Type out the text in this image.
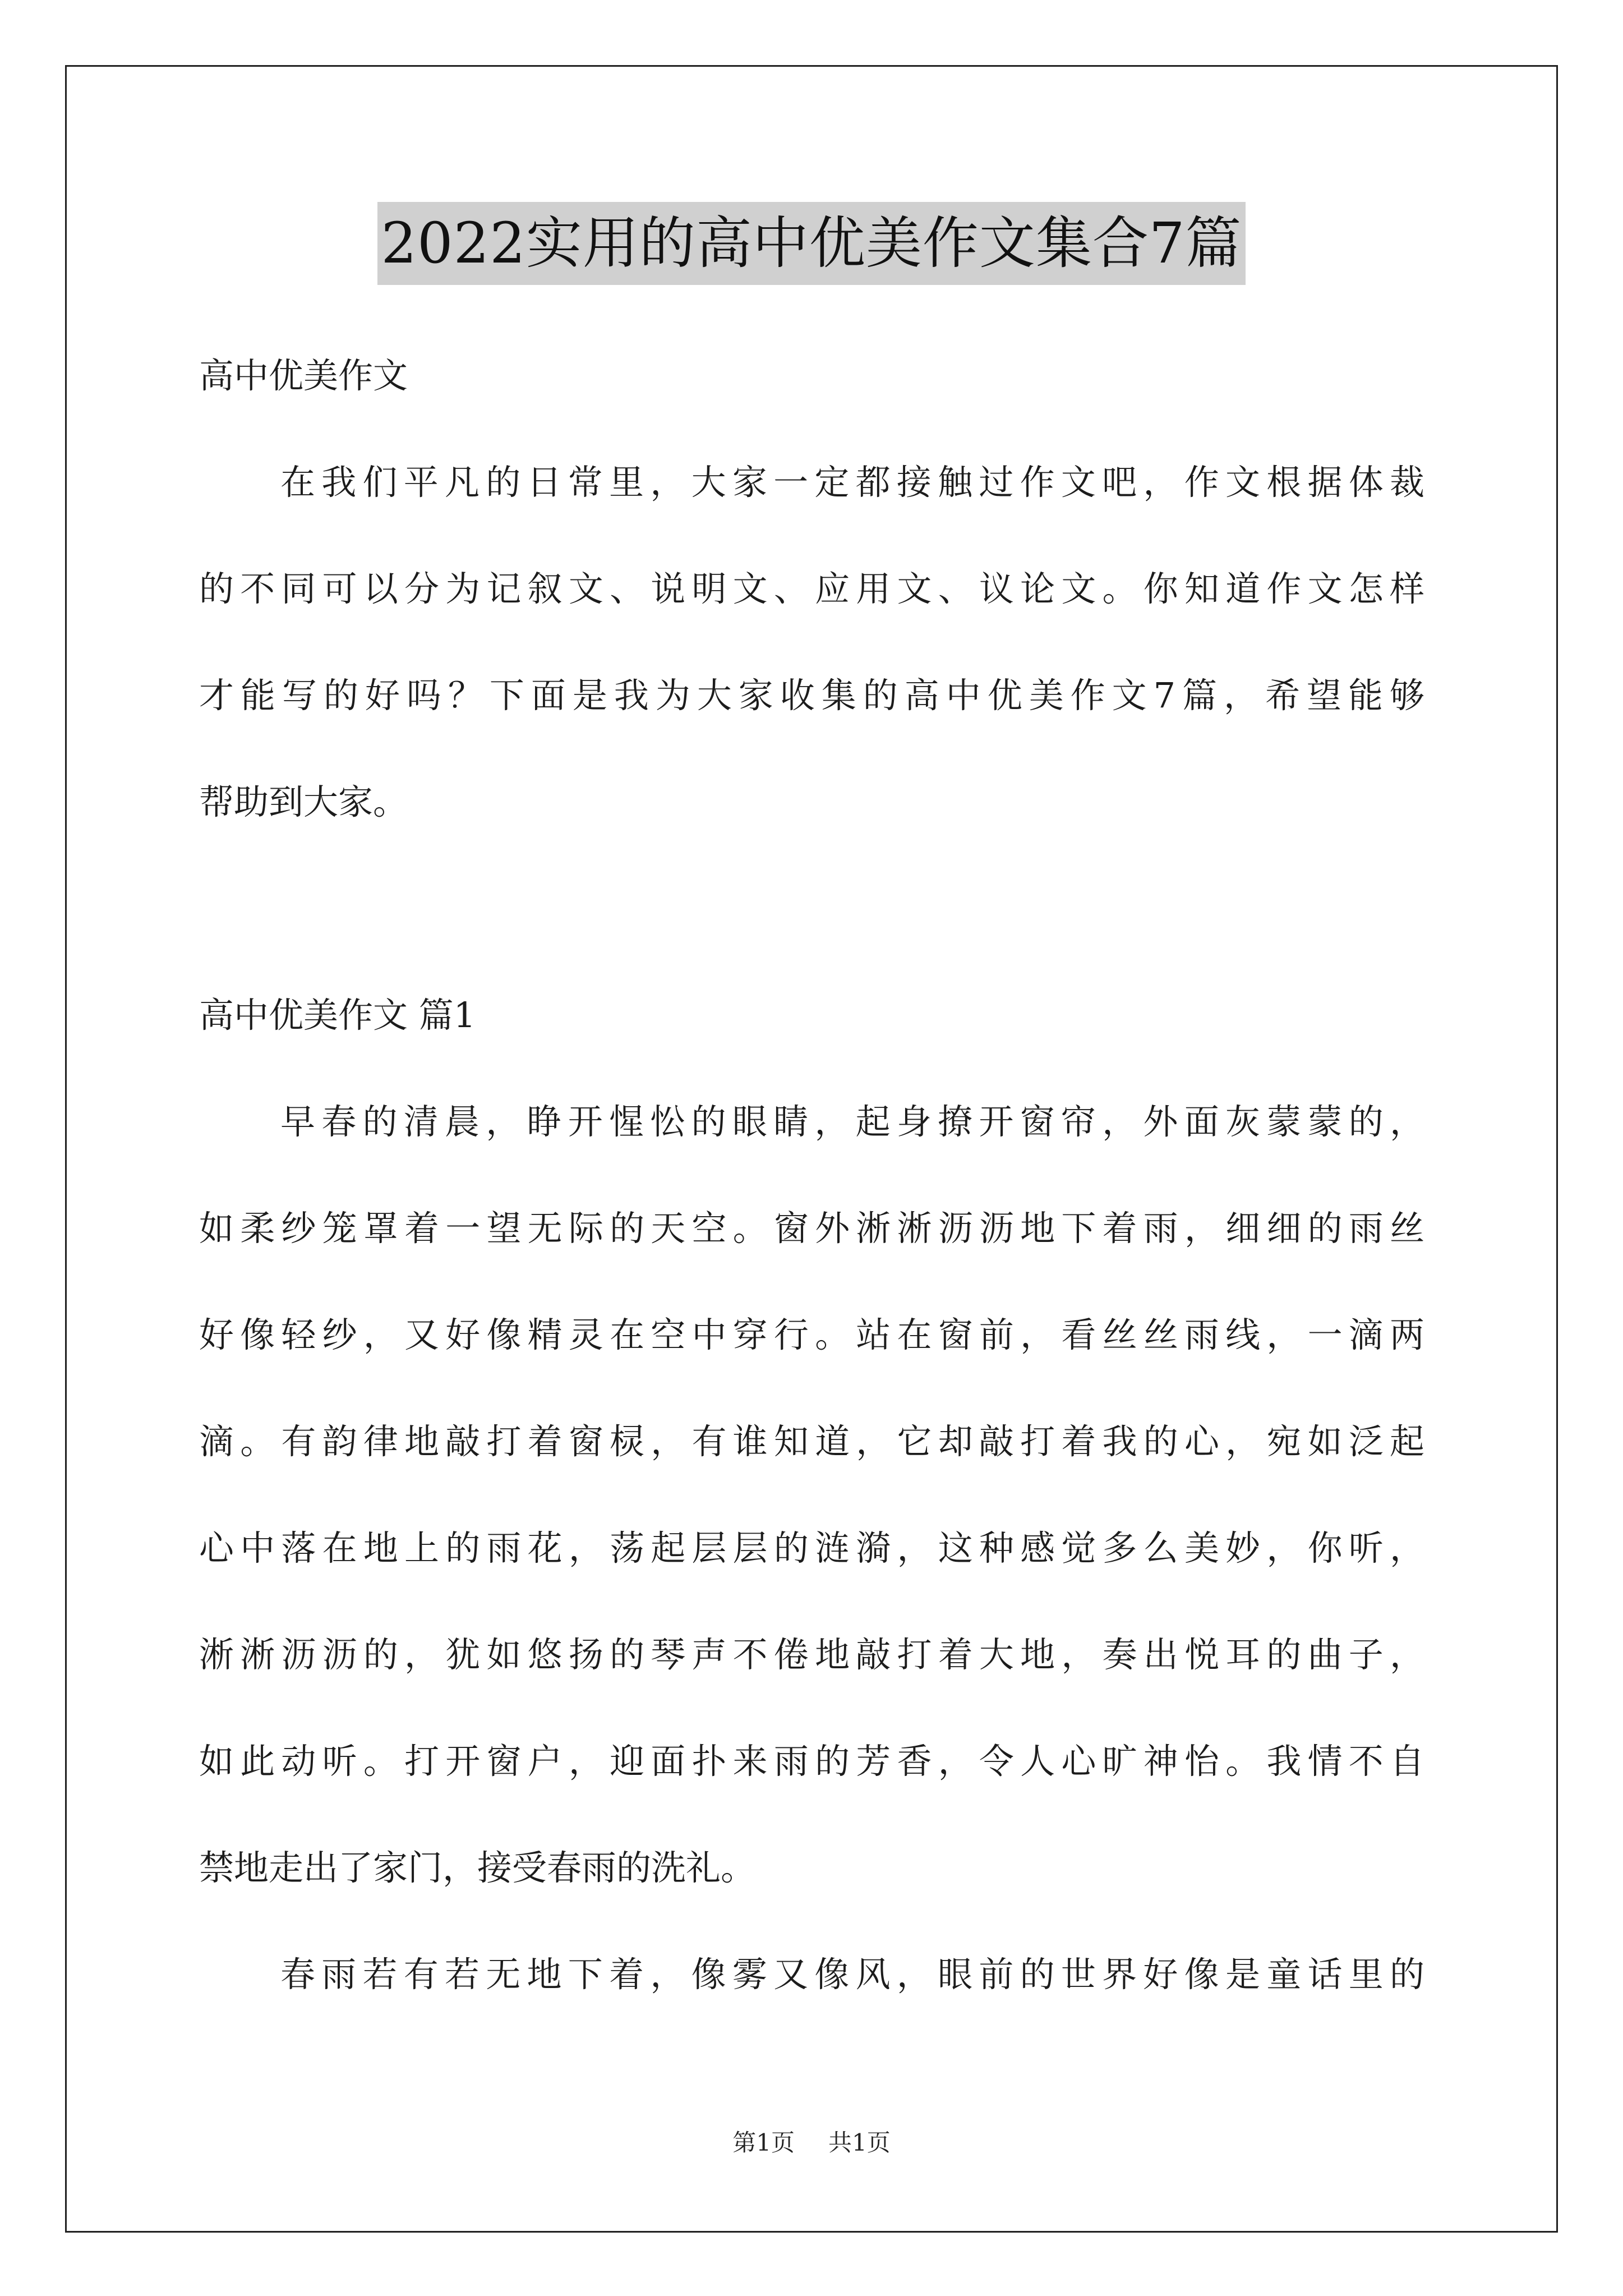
2022实用的高中优美作文集合7篇
高中优美作文
在我们平凡的日常里，大家一定都接触过作文吧，作文根据体裁
的不同可以分为记叙文、说明文、应用文、议论文。你知道作文怎样
才能写的好吗？下面是我为大家收集的高中优美作文7篇，希望能够
帮助到大家。
高中优美作文 篇1
早春的清晨，睁开惺忪的眼睛，起身撩开窗帘，外面灰蒙蒙的，
如柔纱笼罩着一望无际的天空。窗外淅淅沥沥地下着雨，细细的雨丝
好像轻纱，又好像精灵在空中穿行。站在窗前，看丝丝雨线，一滴两
滴。有韵律地敲打着窗棂，有谁知道，它却敲打着我的心，宛如泛起
心中落在地上的雨花，荡起层层的涟漪，这种感觉多么美妙，你听，
淅淅沥沥的，犹如悠扬的琴声不倦地敲打着大地，奏出悦耳的曲子，
如此动听。打开窗户，迎面扑来雨的芳香，令人心旷神怡。我情不自
禁地走出了家门，接受春雨的洗礼。
春雨若有若无地下着，像雾又像风，眼前的世界好像是童话里的
第1页 共1页
